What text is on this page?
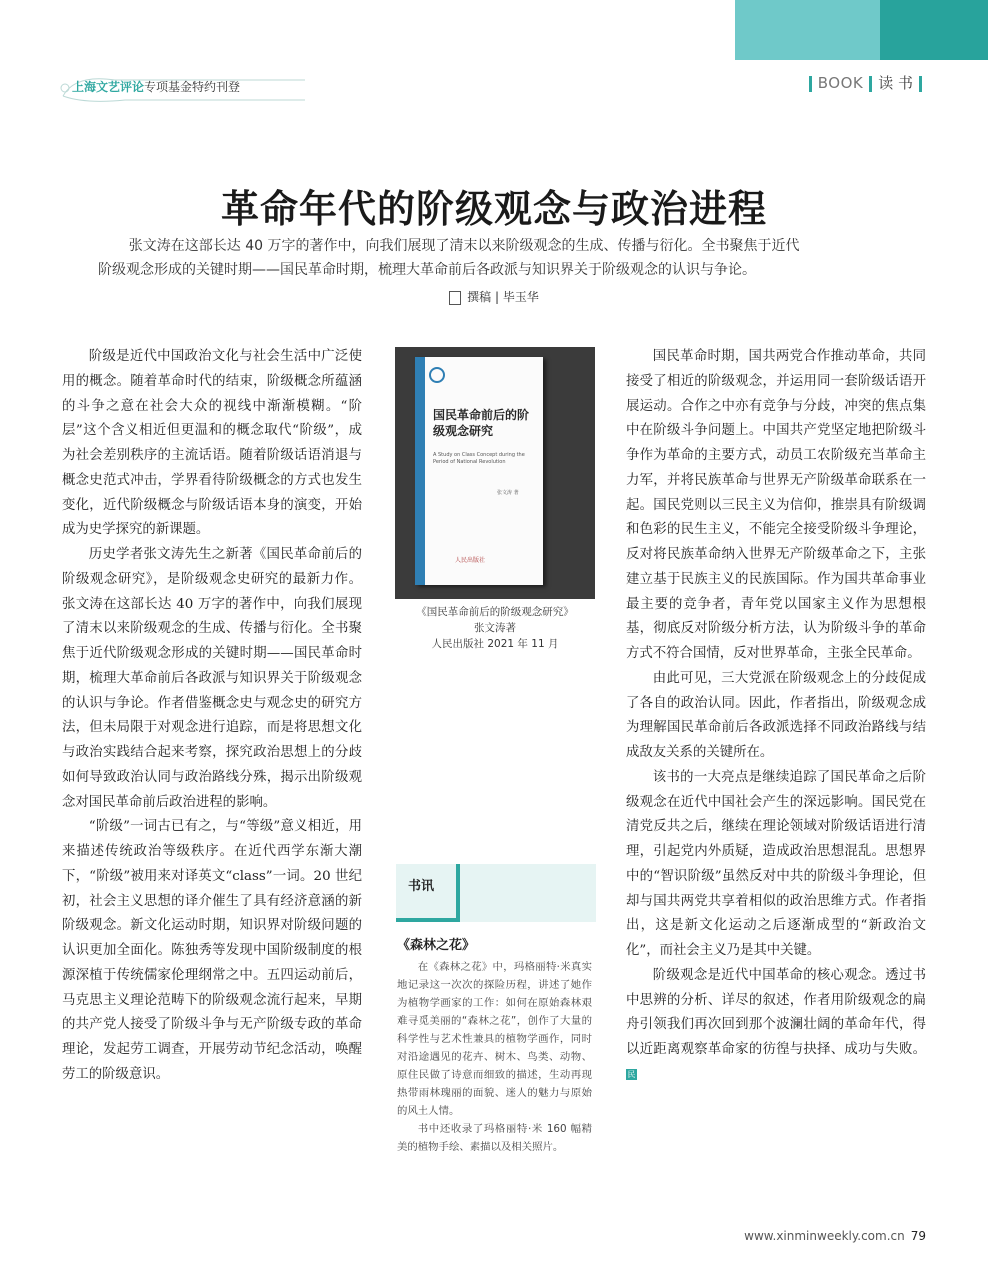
上海文艺评论专项基金特约刊登	BOOK 读 书
革命年代的阶级观念与政治进程
张文涛在这部长达 40 万字的著作中，向我们展现了清末以来阶级观念的生成、传播与衍化。全书聚焦于近代
阶级观念形成的关键时期——国民革命时期，梳理大革命前后各政派与知识界关于阶级观念的认识与争论。
撰稿 | 毕玉华

阶级是近代中国政治文化与社会生活中广泛使用的概念。随着革命时代的结束，阶级概念所蕴涵的斗争之意在社会大众的视线中渐渐模糊。“阶层”这个含义相近但更温和的概念取代“阶级”，成为社会差别秩序的主流话语。随着阶级话语消退与概念史范式冲击，学界看待阶级概念的方式也发生变化，近代阶级概念与阶级话语本身的演变，开始成为史学探究的新课题。

历史学者张文涛先生之新著《国民革命前后的阶级观念研究》，是阶级观念史研究的最新力作。张文涛在这部长达 40 万字的著作中，向我们展现了清末以来阶级观念的生成、传播与衍化。全书聚焦于近代阶级观念形成的关键时期——国民革命时期，梳理大革命前后各政派与知识界关于阶级观念的认识与争论。作者借鉴概念史与观念史的研究方法，但未局限于对观念进行追踪，而是将思想文化与政治实践结合起来考察，探究政治思想上的分歧如何导致政治认同与政治路线分殊，揭示出阶级观念对国民革命前后政治进程的影响。

“阶级”一词古已有之，与“等级”意义相近，用来描述传统政治等级秩序。在近代西学东渐大潮下，“阶级”被用来对译英文“class”一词。20 世纪初，社会主义思想的译介催生了具有经济意涵的新阶级观念。新文化运动时期，知识界对阶级问题的认识更加全面化。陈独秀等发现中国阶级制度的根源深植于传统儒家伦理纲常之中。五四运动前后，马克思主义理论范畴下的阶级观念流行起来，早期的共产党人接受了阶级斗争与无产阶级专政的革命理论，发起劳工调查，开展劳动节纪念活动，唤醒劳工的阶级意识。

国民革命前后的阶级观念研究
A Study on Class Concept during the Period of National Revolution
张文涛 著
人民出版社
《国民革命前后的阶级观念研究》
张文涛著
人民出版社 2021 年 11 月
书讯
《森林之花》

在《森林之花》中，玛格丽特·米真实地记录这一次次的探险历程，讲述了她作为植物学画家的工作：如何在原始森林艰难寻觅美丽的“森林之花”，创作了大量的科学性与艺术性兼具的植物学画作，同时对沿途遇见的花卉、树木、鸟类、动物、原住民做了诗意而细致的描述，生动再现热带雨林瑰丽的面貌、迷人的魅力与原始的风土人情。

书中还收录了玛格丽特·米 160 幅精美的植物手绘、素描以及相关照片。

国民革命时期，国共两党合作推动革命，共同接受了相近的阶级观念，并运用同一套阶级话语开展运动。合作之中亦有竞争与分歧，冲突的焦点集中在阶级斗争问题上。中国共产党坚定地把阶级斗争作为革命的主要方式，动员工农阶级充当革命主力军，并将民族革命与世界无产阶级革命联系在一起。国民党则以三民主义为信仰，推崇具有阶级调和色彩的民生主义，不能完全接受阶级斗争理论，反对将民族革命纳入世界无产阶级革命之下，主张建立基于民族主义的民族国际。作为国共革命事业最主要的竞争者，青年党以国家主义作为思想根基，彻底反对阶级分析方法，认为阶级斗争的革命方式不符合国情，反对世界革命，主张全民革命。

由此可见，三大党派在阶级观念上的分歧促成了各自的政治认同。因此，作者指出，阶级观念成为理解国民革命前后各政派选择不同政治路线与结成敌友关系的关键所在。

该书的一大亮点是继续追踪了国民革命之后阶级观念在近代中国社会产生的深远影响。国民党在清党反共之后，继续在理论领域对阶级话语进行清理，引起党内外质疑，造成政治思想混乱。思想界中的“智识阶级”虽然反对中共的阶级斗争理论，但却与国共两党共享着相似的政治思维方式。作者指出，这是新文化运动之后逐渐成型的“新政治文化”，而社会主义乃是其中关键。

阶级观念是近代中国革命的核心观念。透过书中思辨的分析、详尽的叙述，作者用阶级观念的扁舟引领我们再次回到那个波澜壮阔的革命年代，得以近距离观察革命家的彷徨与抉择、成功与失败。民

www.xinminweekly.com.cn 79
